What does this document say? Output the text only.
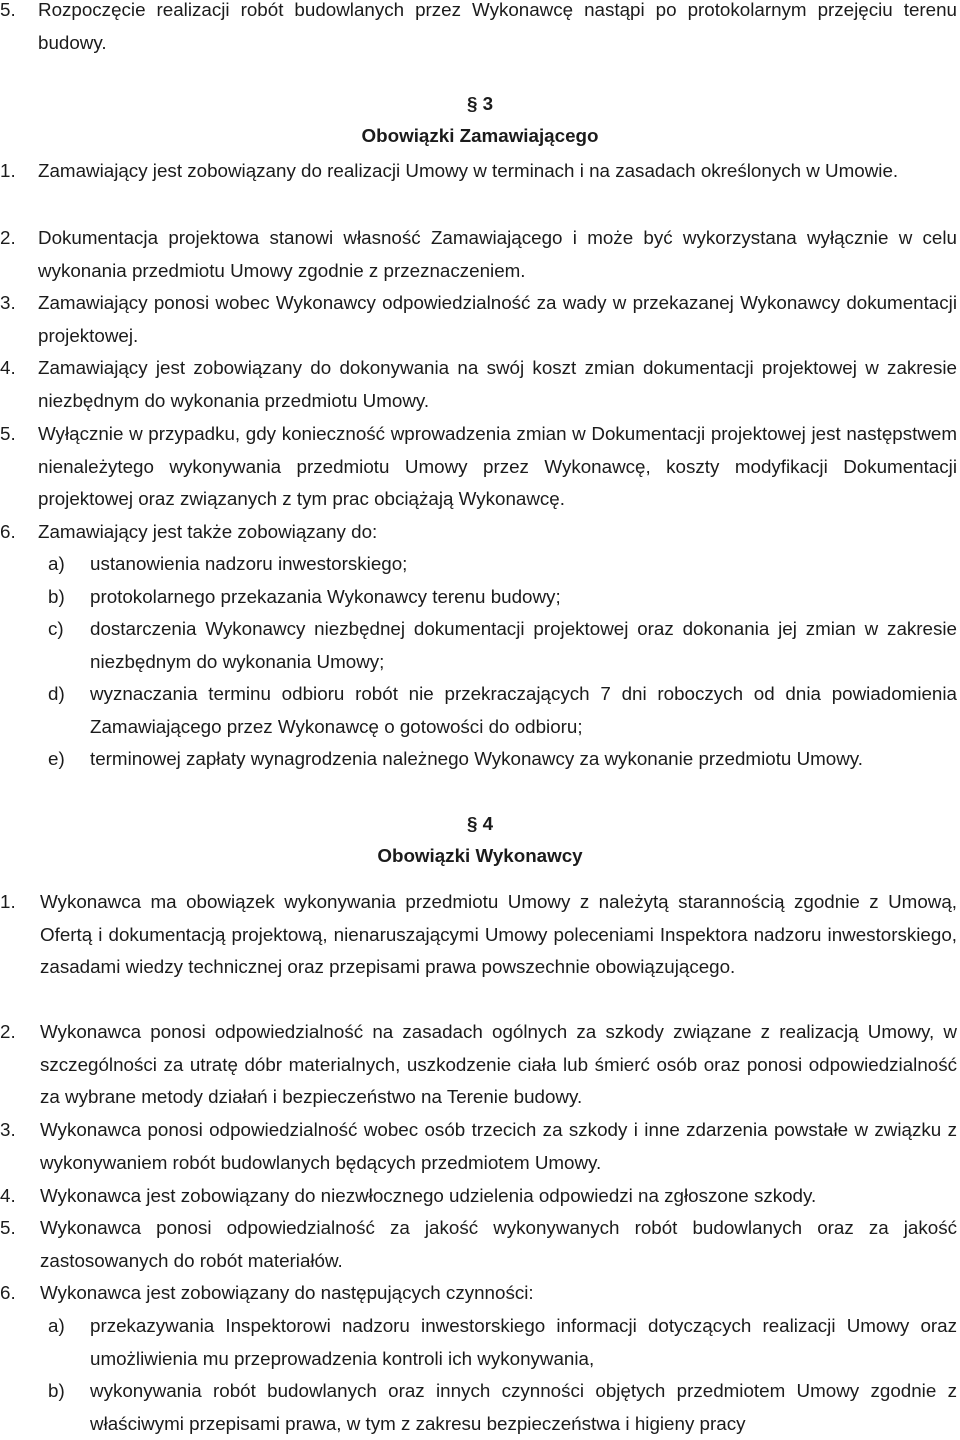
5. Rozpoczęcie realizacji robót budowlanych przez Wykonawcę nastąpi po protokolarnym przejęciu terenu budowy.
§ 3
Obowiązki Zamawiającego
1. Zamawiający jest zobowiązany do realizacji Umowy w terminach i na zasadach określonych w Umowie.
2. Dokumentacja projektowa stanowi własność Zamawiającego i może być wykorzystana wyłącznie w celu wykonania przedmiotu Umowy zgodnie z przeznaczeniem.
3. Zamawiający ponosi wobec Wykonawcy odpowiedzialność za wady w przekazanej Wykonawcy dokumentacji projektowej.
4. Zamawiający jest zobowiązany do dokonywania na swój koszt zmian dokumentacji projektowej w zakresie niezbędnym do wykonania przedmiotu Umowy.
5. Wyłącznie w przypadku, gdy konieczność wprowadzenia zmian w Dokumentacji projektowej jest następstwem nienależytego wykonywania przedmiotu Umowy przez Wykonawcę, koszty modyfikacji Dokumentacji projektowej oraz związanych z tym prac obciążają Wykonawcę.
6. Zamawiający jest także zobowiązany do:
a) ustanowienia nadzoru inwestorskiego;
b) protokolarnego przekazania Wykonawcy terenu budowy;
c) dostarczenia Wykonawcy niezbędnej dokumentacji projektowej oraz dokonania jej zmian w zakresie niezbędnym do wykonania Umowy;
d) wyznaczania terminu odbioru robót nie przekraczających 7 dni roboczych od dnia powiadomienia Zamawiającego przez Wykonawcę o gotowości do odbioru;
e) terminowej zapłaty wynagrodzenia należnego Wykonawcy za wykonanie przedmiotu Umowy.
§ 4
Obowiązki Wykonawcy
1. Wykonawca ma obowiązek wykonywania przedmiotu Umowy z należytą starannością zgodnie z Umową, Ofertą i dokumentacją projektową, nienaruszającymi Umowy poleceniami Inspektora nadzoru inwestorskiego, zasadami wiedzy technicznej oraz przepisami prawa powszechnie obowiązującego.
2. Wykonawca ponosi odpowiedzialność na zasadach ogólnych za szkody związane z realizacją Umowy, w szczególności za utratę dóbr materialnych, uszkodzenie ciała lub śmierć osób oraz ponosi odpowiedzialność za wybrane metody działań i bezpieczeństwo na Terenie budowy.
3. Wykonawca ponosi odpowiedzialność wobec osób trzecich za szkody i inne zdarzenia powstałe w związku z wykonywaniem robót budowlanych będących przedmiotem Umowy.
4. Wykonawca jest zobowiązany do niezwłocznego udzielenia odpowiedzi na zgłoszone szkody.
5. Wykonawca ponosi odpowiedzialność za jakość wykonywanych robót budowlanych oraz za jakość zastosowanych do robót materiałów.
6. Wykonawca jest zobowiązany do następujących czynności:
a) przekazywania Inspektorowi nadzoru inwestorskiego informacji dotyczących realizacji Umowy oraz umożliwienia mu przeprowadzenia kontroli ich wykonywania,
b) wykonywania robót budowlanych oraz innych czynności objętych przedmiotem Umowy zgodnie z właściwymi przepisami prawa, w tym z zakresu bezpieczeństwa i higieny pracy
